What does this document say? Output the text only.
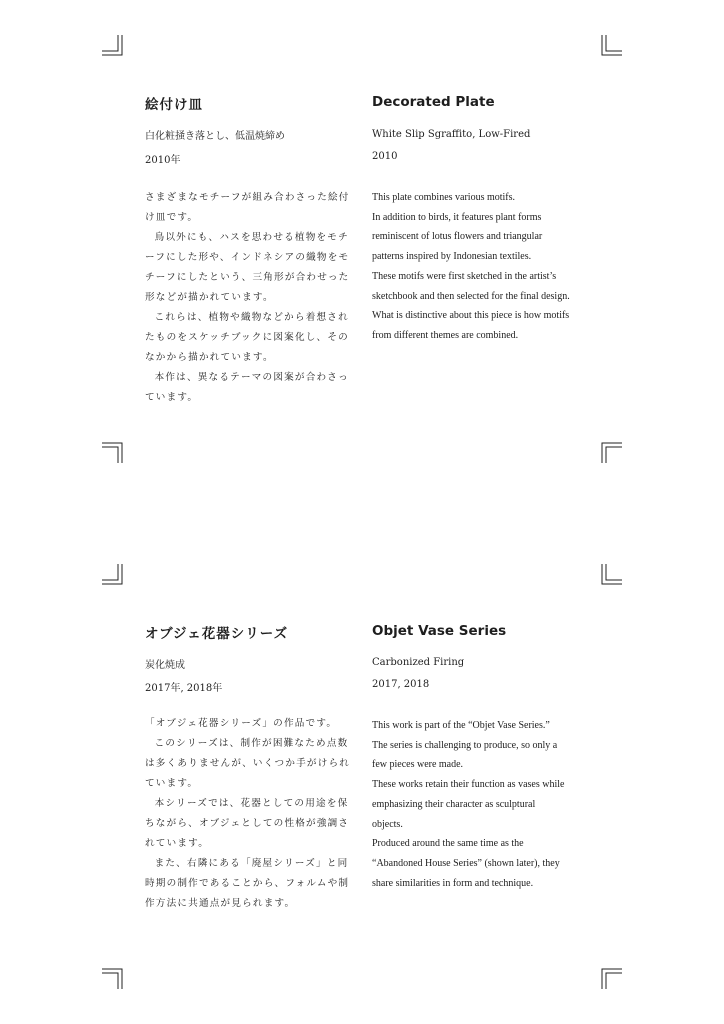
絵付け皿

白化粧掻き落とし、低温焼締め

2010年

さまざまなモチーフが組み合わさった絵付け皿です。

鳥以外にも、ハスを思わせる植物をモチーフにした形や、インドネシアの織物をモチーフにしたという、三角形が合わせった形などが描かれています。

これらは、植物や織物などから着想されたものをスケッチブックに図案化し、そのなかから描かれています。

本作は、異なるテーマの図案が合わさっています。

Decorated Plate

White Slip Sgraffito, Low-Fired

2010

This plate combines various motifs.

In addition to birds, it features plant forms

reminiscent of lotus flowers and triangular

patterns inspired by Indonesian textiles.

These motifs were first sketched in the artist’s

sketchbook and then selected for the final design.

What is distinctive about this piece is how motifs

from different themes are combined.

オブジェ花器シリーズ

炭化焼成

2017年, 2018年

「オブジェ花器シリーズ」の作品です。

このシリーズは、制作が困難なため点数は多くありませんが、いくつか手がけられています。

本シリーズでは、花器としての用途を保ちながら、オブジェとしての性格が強調されています。

また、右隣にある「廃屋シリーズ」と同時期の制作であることから、フォルムや制作方法に共通点が見られます。

Objet Vase Series

Carbonized Firing

2017, 2018

This work is part of the “Objet Vase Series.”

The series is challenging to produce, so only a

few pieces were made.

These works retain their function as vases while

emphasizing their character as sculptural

objects.

Produced around the same time as the

“Abandoned House Series” (shown later), they

share similarities in form and technique.
